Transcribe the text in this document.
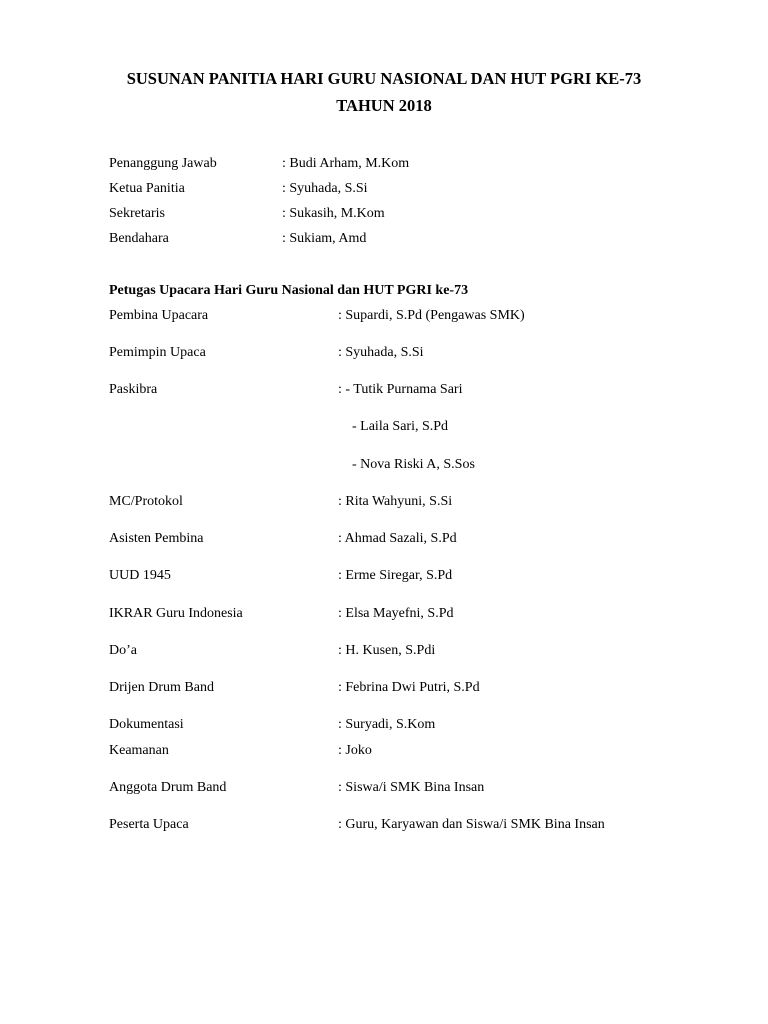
SUSUNAN PANITIA HARI GURU NASIONAL DAN HUT PGRI KE-73
TAHUN 2018
Penanggung Jawab	: Budi Arham, M.Kom
Ketua Panitia	: Syuhada, S.Si
Sekretaris	: Sukasih, M.Kom
Bendahara	: Sukiam, Amd
Petugas Upacara Hari Guru Nasional dan HUT PGRI ke-73
Pembina Upacara	: Supardi, S.Pd (Pengawas SMK)
Pemimpin Upaca	: Syuhada, S.Si
Paskibra	: - Tutik Purnama Sari
- Laila Sari, S.Pd
- Nova Riski A, S.Sos
MC/Protokol	: Rita Wahyuni, S.Si
Asisten Pembina	: Ahmad Sazali, S.Pd
UUD 1945	: Erme Siregar, S.Pd
IKRAR Guru Indonesia	: Elsa Mayefni, S.Pd
Do’a	: H. Kusen, S.Pdi
Drijen Drum Band	: Febrina Dwi Putri, S.Pd
Dokumentasi	: Suryadi, S.Kom
Keamanan	: Joko
Anggota Drum Band	: Siswa/i SMK Bina Insan
Peserta Upaca	: Guru, Karyawan dan Siswa/i SMK Bina Insan
